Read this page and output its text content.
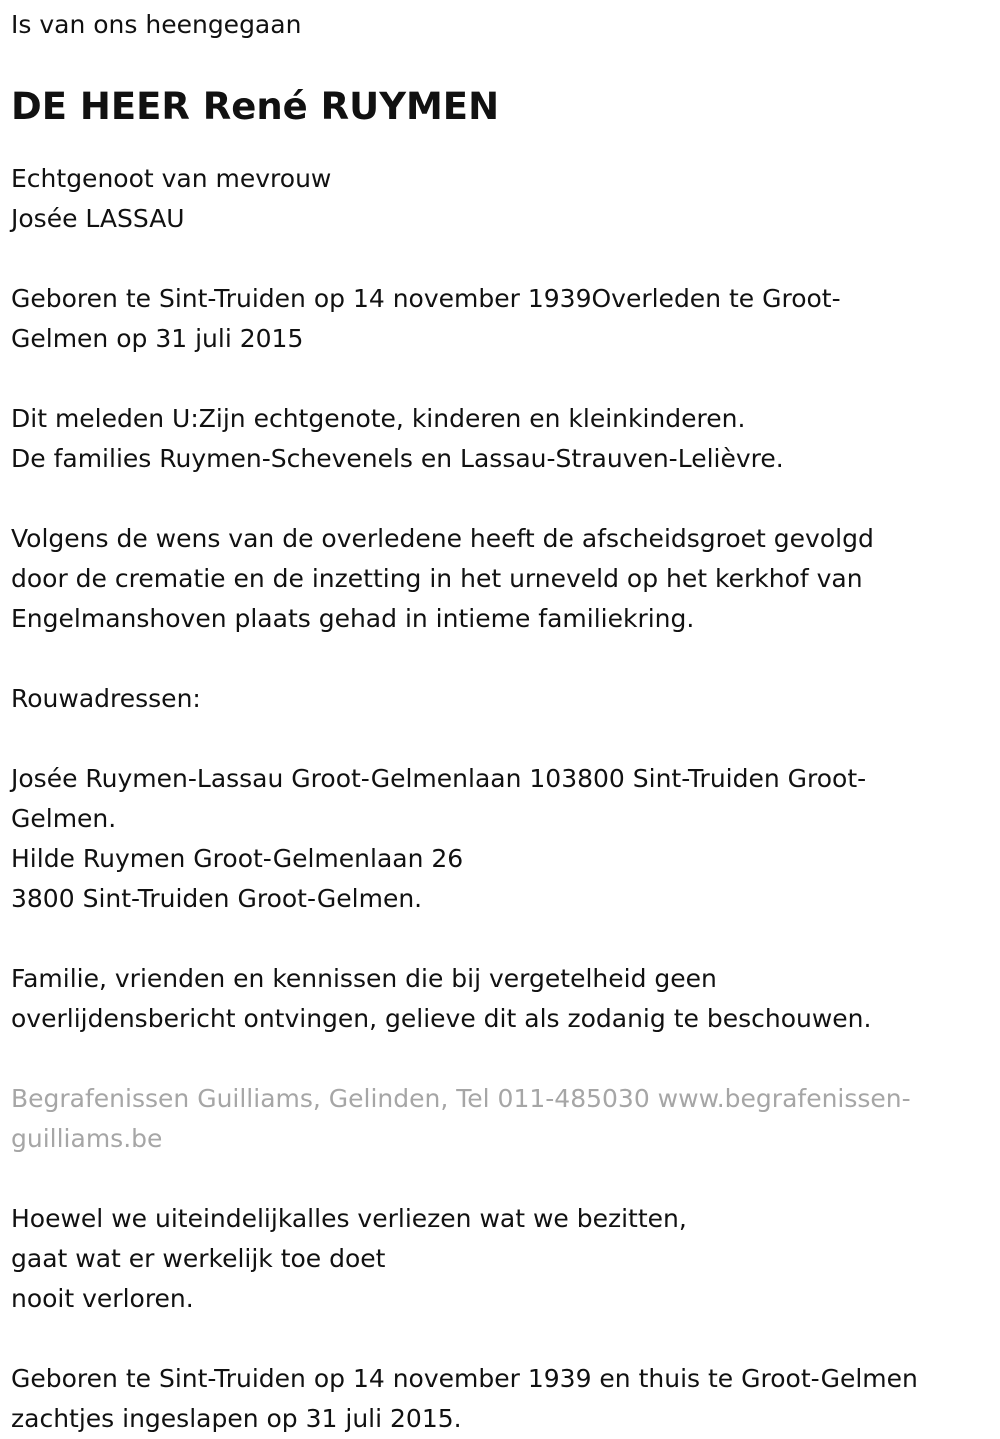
Is van ons heengegaan

DE HEER René RUYMEN

Echtgenoot van mevrouw

Josée LASSAU

Geboren te Sint-Truiden op 14 november 1939Overleden te Groot-

Gelmen op 31 juli 2015

Dit meleden U:Zijn echtgenote, kinderen en kleinkinderen.

De families Ruymen-Schevenels en Lassau-Strauven-Lelièvre.

Volgens de wens van de overledene heeft de afscheidsgroet gevolgd

door de crematie en de inzetting in het urneveld op het kerkhof van

Engelmanshoven plaats gehad in intieme familiekring.

Rouwadressen:

Josée Ruymen-Lassau Groot-Gelmenlaan 103800 Sint-Truiden Groot-

Gelmen.

Hilde Ruymen Groot-Gelmenlaan 26

3800 Sint-Truiden Groot-Gelmen.

Familie, vrienden en kennissen die bij vergetelheid geen

overlijdensbericht ontvingen, gelieve dit als zodanig te beschouwen.

Begrafenissen Guilliams, Gelinden, Tel 011-485030 www.begrafenissen-

guilliams.be

Hoewel we uiteindelijkalles verliezen wat we bezitten,

gaat wat er werkelijk toe doet

nooit verloren.

Geboren te Sint-Truiden op 14 november 1939 en thuis te Groot-Gelmen

zachtjes ingeslapen op 31 juli 2015.
